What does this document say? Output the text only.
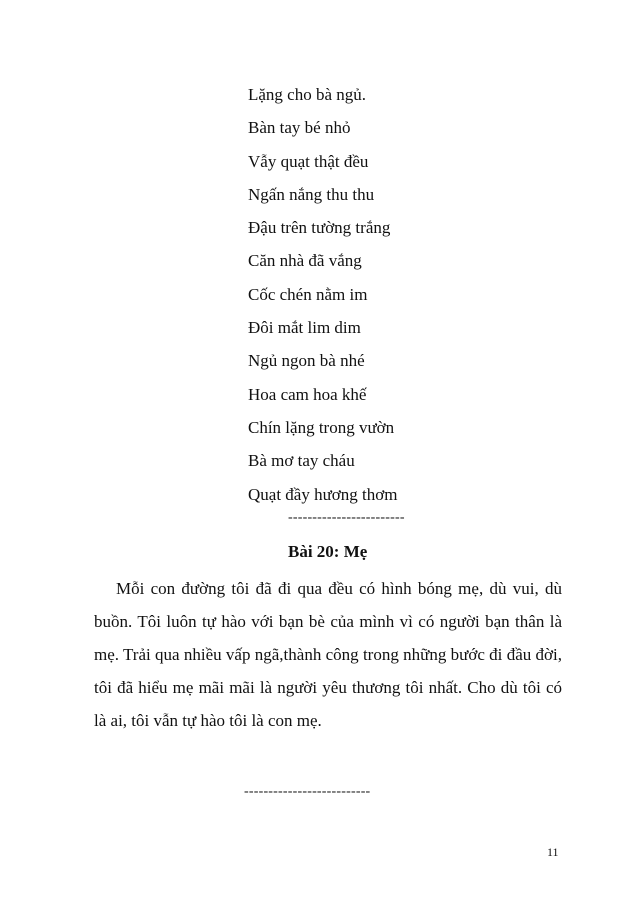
Lặng cho bà ngủ.
Bàn tay bé nhỏ
Vẫy quạt thật đều
Ngấn nắng thu thu
Đậu trên tường trắng
Căn nhà đã vắng
Cốc chén nằm im
Đôi mắt lim dim
Ngủ ngon bà nhé
Hoa cam hoa khế
Chín lặng trong vườn
Bà mơ tay cháu
Quạt đầy hương thơm
------------------------
Bài 20: Mẹ

Mỗi con đường tôi đã đi qua đều có hình bóng mẹ, dù vui, dù buồn. Tôi luôn tự hào với bạn bè của mình vì có người bạn thân là mẹ. Trải qua nhiều vấp ngã,thành công trong những bước đi đầu đời, tôi đã hiểu mẹ mãi mãi là người yêu thương tôi nhất. Cho dù tôi có là ai, tôi vẫn tự hào tôi là con mẹ.

--------------------------
11
